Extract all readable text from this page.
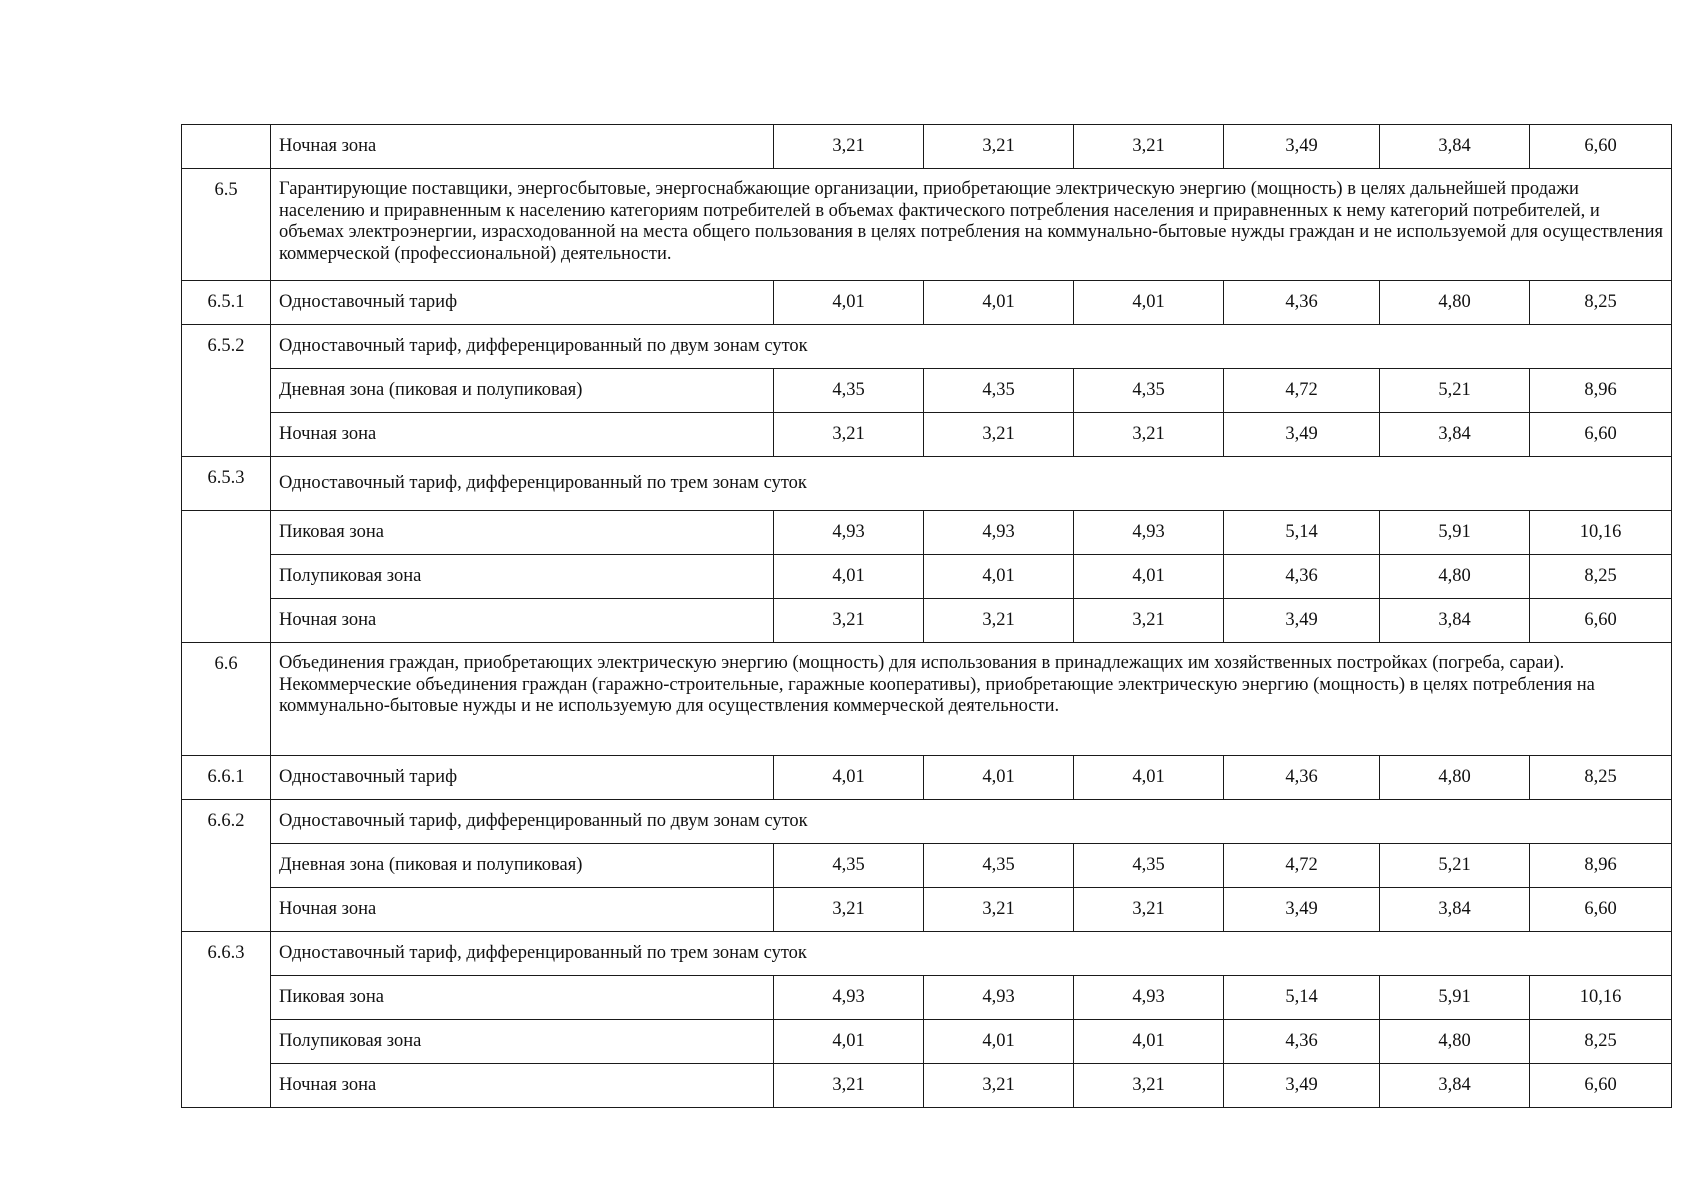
	Ночная зона	3,21	3,21	3,21	3,49	3,84	6,60
6.5	Гарантирующие поставщики, энергосбытовые, энергоснабжающие организации, приобретающие электрическую энергию (мощность) в целях дальнейшей продажи населению и приравненным к населению категориям потребителей в объемах фактического потребления населения и приравненных к нему категорий потребителей, и объемах электроэнергии, израсходованной на места общего пользования в целях потребления на коммунально-бытовые нужды граждан и не используемой для осуществления коммерческой (профессиональной) деятельности.						
6.5.1	Одноставочный тариф	4,01	4,01	4,01	4,36	4,80	8,25
6.5.2	Одноставочный тариф, дифференцированный по двум зонам суток						
	Дневная зона (пиковая и полупиковая)	4,35	4,35	4,35	4,72	5,21	8,96
	Ночная зона	3,21	3,21	3,21	3,49	3,84	6,60
6.5.3	Одноставочный тариф, дифференцированный по трем зонам суток						
	Пиковая зона	4,93	4,93	4,93	5,14	5,91	10,16
	Полупиковая зона	4,01	4,01	4,01	4,36	4,80	8,25
	Ночная зона	3,21	3,21	3,21	3,49	3,84	6,60
6.6	Объединения граждан, приобретающих электрическую энергию (мощность) для использования в принадлежащих им хозяйственных постройках (погреба, сараи).
Некоммерческие объединения граждан (гаражно-строительные, гаражные кооперативы), приобретающие электрическую энергию (мощность) в целях потребления на коммунально-бытовые нужды и не используемую для осуществления коммерческой деятельности.						

6.6.1	Одноставочный тариф	4,01	4,01	4,01	4,36	4,80	8,25
6.6.2	Одноставочный тариф, дифференцированный по двум зонам суток						
	Дневная зона (пиковая и полупиковая)	4,35	4,35	4,35	4,72	5,21	8,96
	Ночная зона	3,21	3,21	3,21	3,49	3,84	6,60
6.6.3	Одноставочный тариф, дифференцированный по трем зонам суток						
	Пиковая зона	4,93	4,93	4,93	5,14	5,91	10,16
	Полупиковая зона	4,01	4,01	4,01	4,36	4,80	8,25
	Ночная зона	3,21	3,21	3,21	3,49	3,84	6,60
